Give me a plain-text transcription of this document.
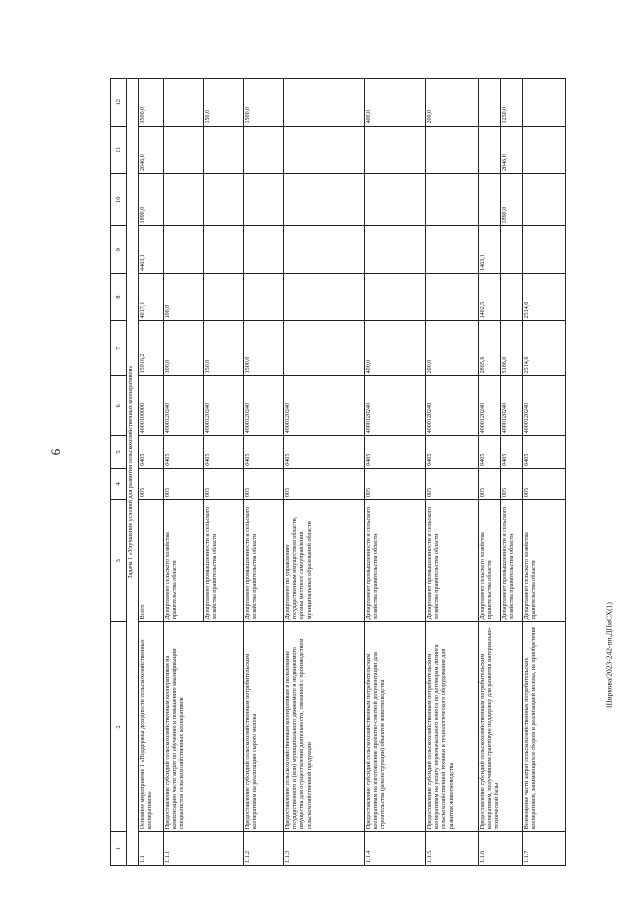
6
Ширкова/2023-242-пп.ДПиСХ(1)
1	2	3	4	5	6	7	8	9	10	11	12
Задача 1 «Улучшение условий для развития сельскохозяйственных кооперативов»											
1.1	Основное мероприятие 1 «Поддержка доходности сельскохозяйственных кооперативов»	Всего	005	0405	4000100000	15916,2	4017,1	4463,1	1890,0	2046,0	3500,0
1.1.1	Предоставление субсидий сельскохозяйственным кооперативам на компенсацию части затрат по обучению и повышению квалификации специалистов сельскохозяйственных кооперативов	Департамент сельского хозяйства правительства области	005	0405	4000120240	100,0	100,0				
		Департамент промышленности и сельского хозяйства правительства области	005	0405	4000120240	150,0					150,0
1.1.2	Предоставление субсидий сельскохозяйственным потребительским кооперативам на реализацию сырого молока	Департамент промышленности и сельского хозяйства правительства области	005	0405	4000120240	1500,0					1500,0
1.1.3	Предоставление сельскохозяйственным кооперативам в пользование государственного и (или) муниципального движимого и недвижимого имущества для осуществления деятельности, связанной с производством сельскохозяйственной продукции	Департамент по управлению государственным имуществом области, органы местного самоуправления муниципальных образований области	005	0405	4000120240						
1.1.4	Предоставление субсидий сельскохозяйственным потребительским кооперативам на изготовление проектно-сметной документации для строительства (реконструкции) объектов животноводства	Департамент промышленности и сельского хозяйства правительства области	005	0405	4000120240	400,0					400,0
1.1.5	Предоставление субсидий сельскохозяйственным потребительским кооперативам на уплату первоначального взноса по договорам лизинга сельскохозяйственной техники и технологического оборудования для развития животноводства	Департамент промышленности и сельского хозяйства правительства области	005	0405	4000120240	200,0					200,0
1.1.6	Предоставление субсидий сельскохозяйственным потребительским кооперативам, получившим грантовую поддержку для развития материально-технической базы	Департамент сельского хозяйства правительства области	005	0405	4000120240	2865,6	1402,5	1463,1			
		Департамент промышленности и сельского хозяйства правительства области	005	0405	4000120240	5186,0			1890,0	2046,0	1250,0
1.1.7	Возмещение части затрат сельскохозяйственных потребительских кооперативов, занимающихся сбором и реализацией молока, на приобретение	Департамент сельского хозяйства правительства области	005	0405	4000120240	2514,6	2514,6				
